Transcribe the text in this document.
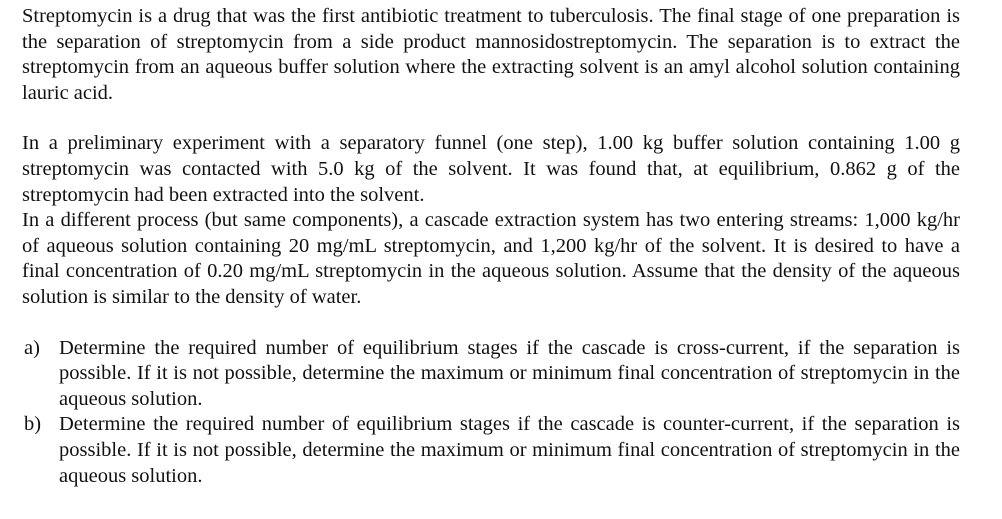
Streptomycin is a drug that was the first antibiotic treatment to tuberculosis. The final stage of one preparation is the separation of streptomycin from a side product mannosidostreptomycin. The separation is to extract the streptomycin from an aqueous buffer solution where the extracting solvent is an amyl alcohol solution containing lauric acid.

In a preliminary experiment with a separatory funnel (one step), 1.00 kg buffer solution containing 1.00 g streptomycin was contacted with 5.0 kg of the solvent. It was found that, at equilibrium, 0.862 g of the streptomycin had been extracted into the solvent.

In a different process (but same components), a cascade extraction system has two entering streams: 1,000 kg/hr of aqueous solution containing 20 mg/mL streptomycin, and 1,200 kg/hr of the solvent. It is desired to have a final concentration of 0.20 mg/mL streptomycin in the aqueous solution. Assume that the density of the aqueous solution is similar to the density of water.

a) Determine the required number of equilibrium stages if the cascade is cross-current, if the separation is possible. If it is not possible, determine the maximum or minimum final concentration of streptomycin in the aqueous solution.
b) Determine the required number of equilibrium stages if the cascade is counter-current, if the separation is possible. If it is not possible, determine the maximum or minimum final concentration of streptomycin in the aqueous solution.
